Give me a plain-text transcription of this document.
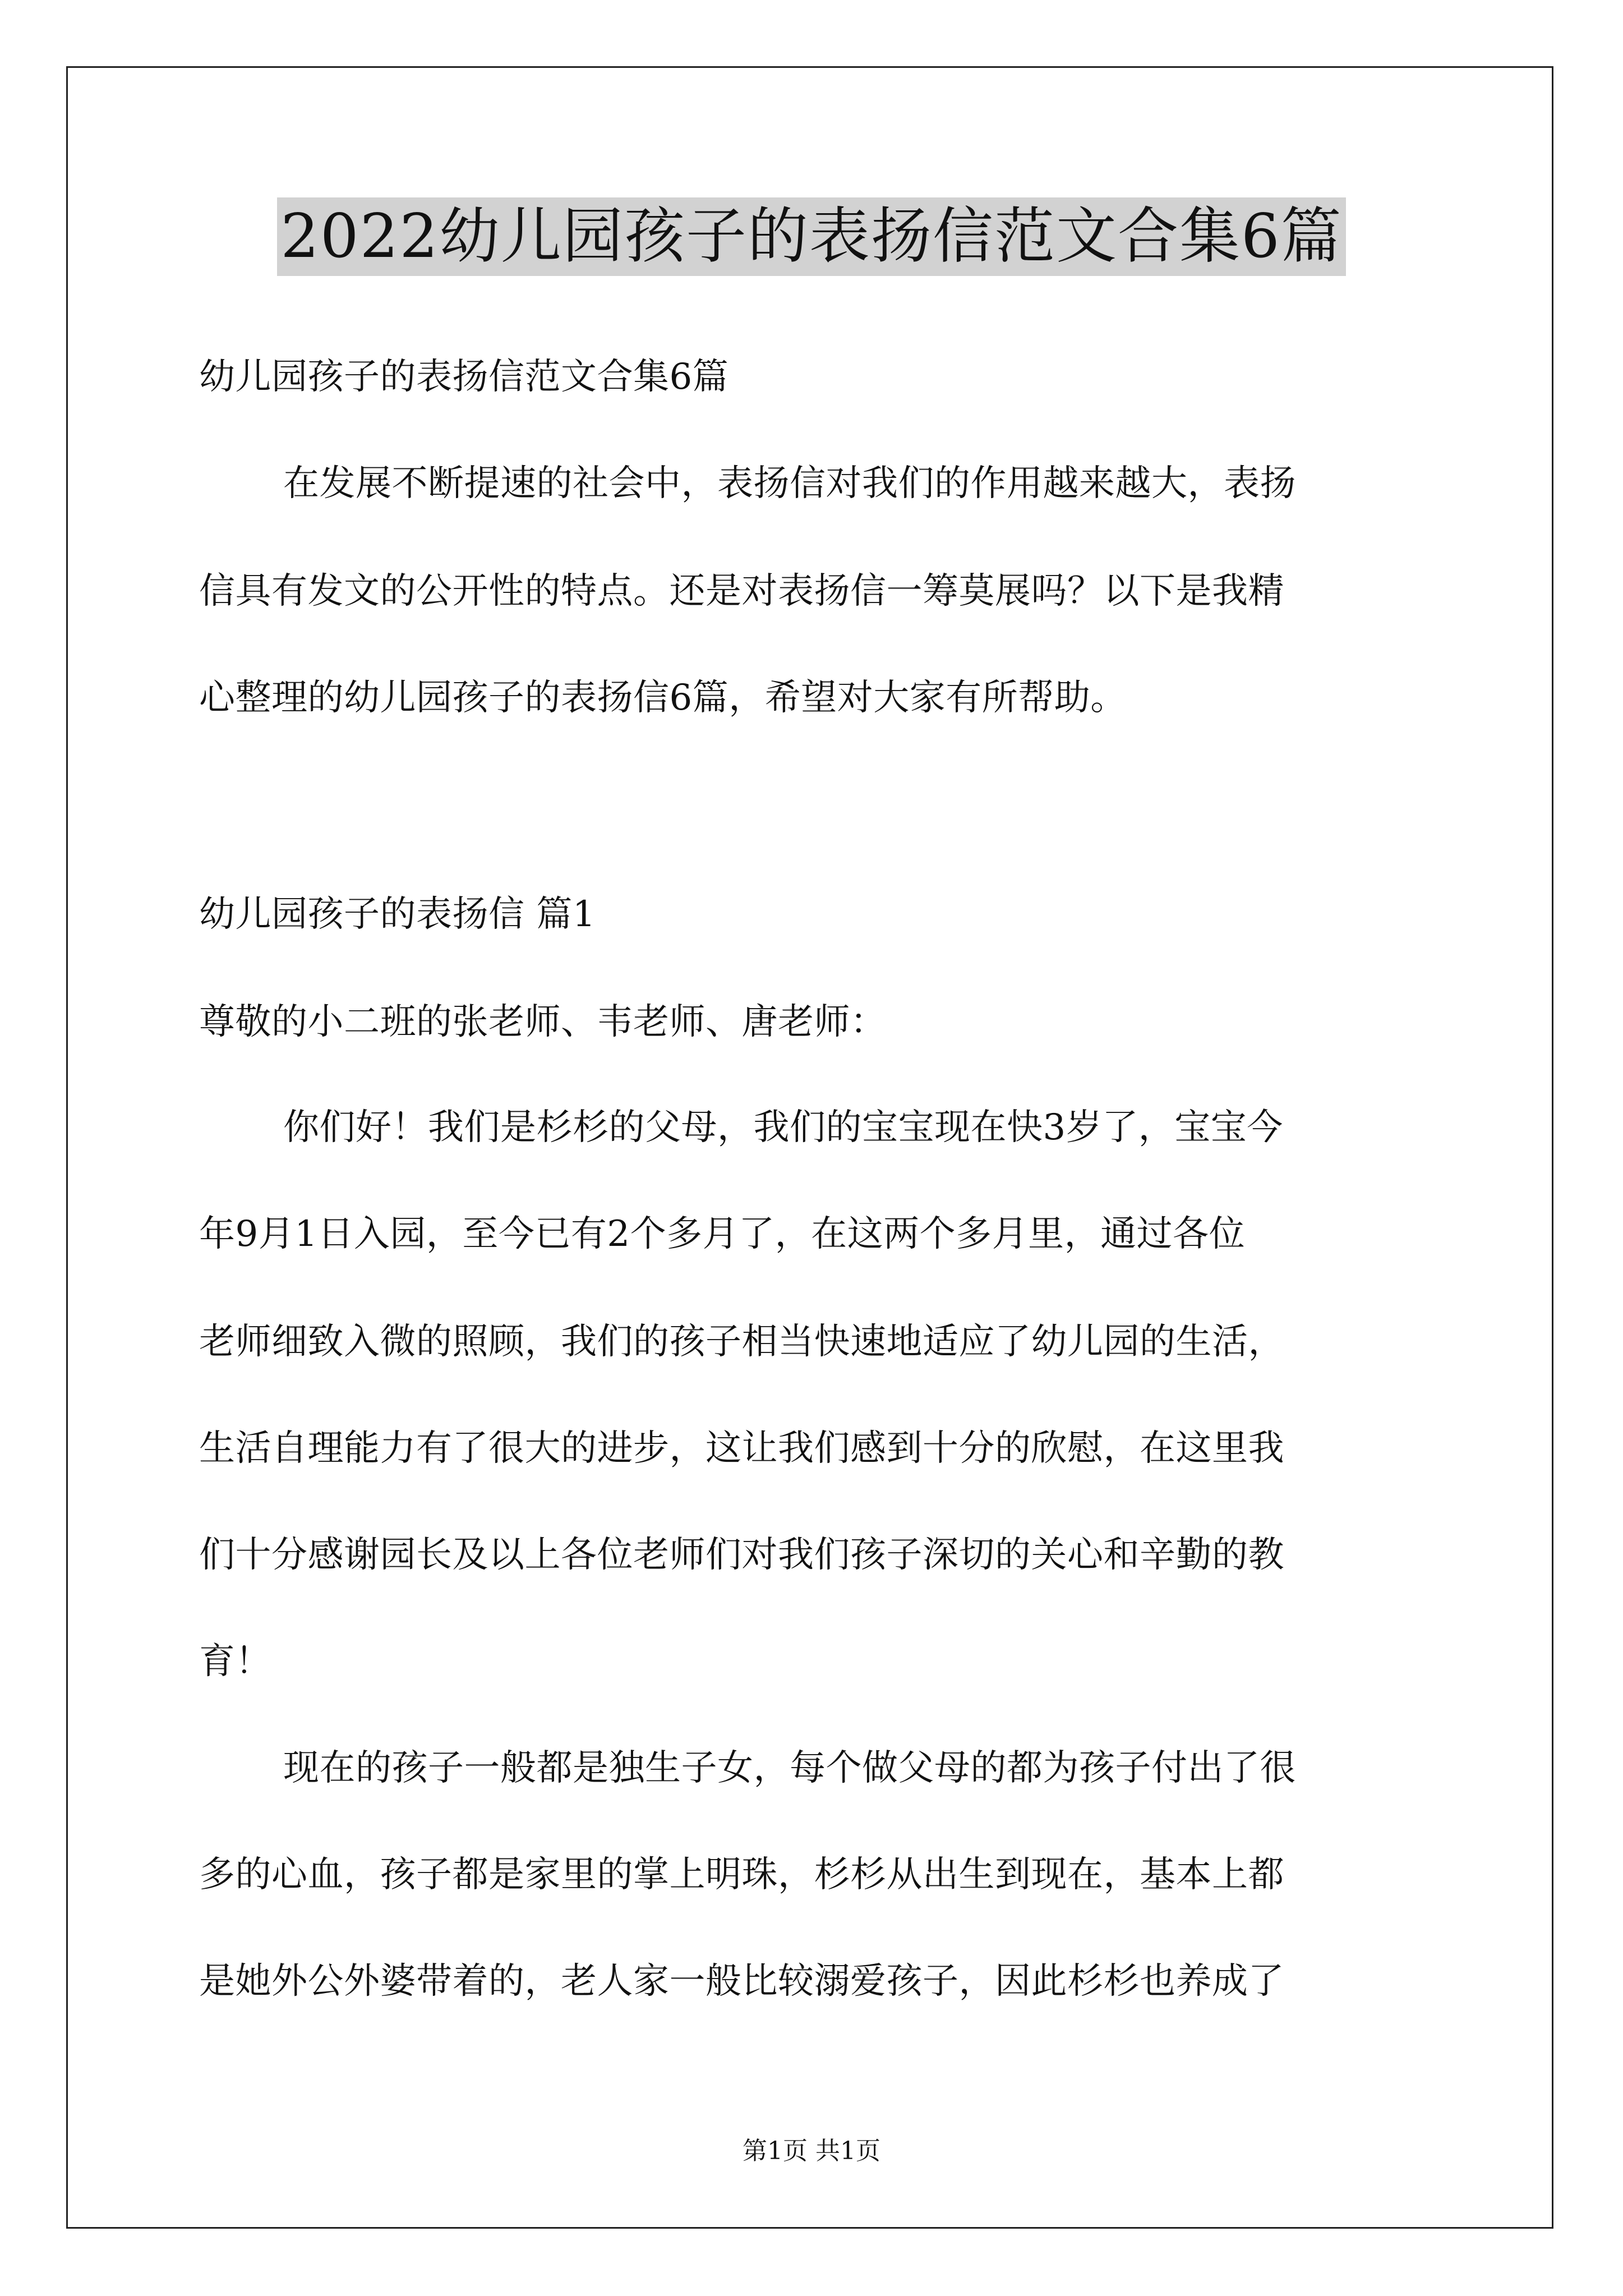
2022幼儿园孩子的表扬信范文合集6篇
幼儿园孩子的表扬信范文合集6篇
在发展不断提速的社会中，表扬信对我们的作用越来越大，表扬
信具有发文的公开性的特点。还是对表扬信一筹莫展吗？以下是我精
心整理的幼儿园孩子的表扬信6篇，希望对大家有所帮助。
幼儿园孩子的表扬信 篇1
尊敬的小二班的张老师、韦老师、唐老师：
你们好！我们是杉杉的父母，我们的宝宝现在快3岁了，宝宝今
年9月1日入园，至今已有2个多月了，在这两个多月里，通过各位
老师细致入微的照顾，我们的孩子相当快速地适应了幼儿园的生活，
生活自理能力有了很大的进步，这让我们感到十分的欣慰，在这里我
们十分感谢园长及以上各位老师们对我们孩子深切的关心和辛勤的教
育！
现在的孩子一般都是独生子女，每个做父母的都为孩子付出了很
多的心血，孩子都是家里的掌上明珠，杉杉从出生到现在，基本上都
是她外公外婆带着的，老人家一般比较溺爱孩子，因此杉杉也养成了
第1页 共1页
